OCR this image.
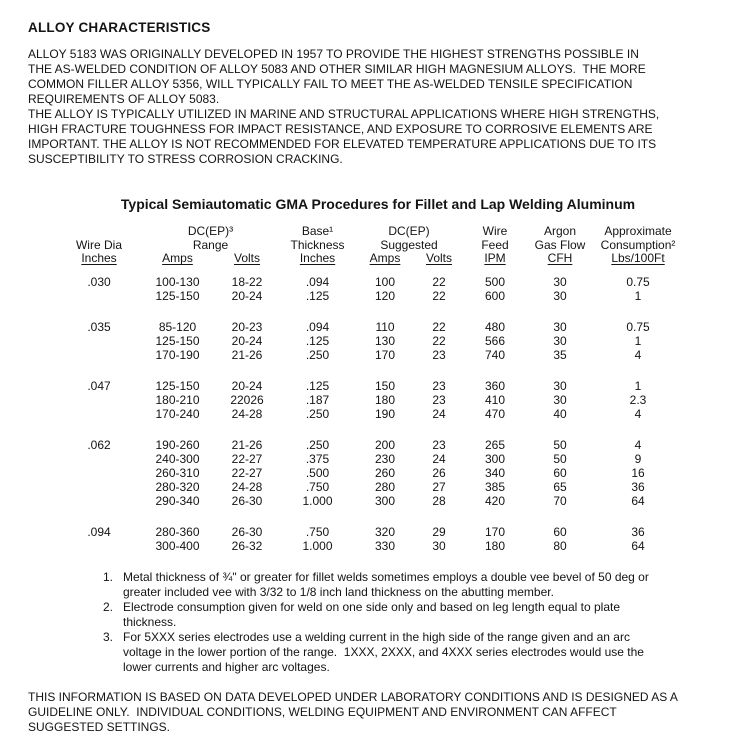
ALLOY CHARACTERISTICS
ALLOY 5183 WAS ORIGINALLY DEVELOPED IN 1957 TO PROVIDE THE HIGHEST STRENGTHS POSSIBLE IN
THE AS-WELDED CONDITION OF ALLOY 5083 AND OTHER SIMILAR HIGH MAGNESIUM ALLOYS.  THE MORE
COMMON FILLER ALLOY 5356, WILL TYPICALLY FAIL TO MEET THE AS-WELDED TENSILE SPECIFICATION
REQUIREMENTS OF ALLOY 5083.
THE ALLOY IS TYPICALLY UTILIZED IN MARINE AND STRUCTURAL APPLICATIONS WHERE HIGH STRENGTHS,
HIGH FRACTURE TOUGHNESS FOR IMPACT RESISTANCE, AND EXPOSURE TO CORROSIVE ELEMENTS ARE
IMPORTANT. THE ALLOY IS NOT RECOMMENDED FOR ELEVATED TEMPERATURE APPLICATIONS DUE TO ITS
SUSCEPTIBILITY TO STRESS CORROSION CRACKING.
Typical Semiautomatic GMA Procedures for Fillet and Lap Welding Aluminum
	DC(EP)³		Base¹	DC(EP)		Wire	Argon	Approximate
Wire Dia	Range		Thickness	Suggested		Feed	Gas Flow	Consumption²
Inches	Amps	Volts	Inches	Amps	Volts	IPM	CFH	Lbs/100Ft

.030	100-130	18-22	.094	100	22	500	30	0.75
	125-150	20-24	.125	120	22	600	30	1

.035	85-120	20-23	.094	110	22	480	30	0.75
	125-150	20-24	.125	130	22	566	30	1
	170-190	21-26	.250	170	23	740	35	4

.047	125-150	20-24	.125	150	23	360	30	1
	180-210	22026	.187	180	23	410	30	2.3
	170-240	24-28	.250	190	24	470	40	4

.062	190-260	21-26	.250	200	23	265	50	4
	240-300	22-27	.375	230	24	300	50	9
	260-310	22-27	.500	260	26	340	60	16
	280-320	24-28	.750	280	27	385	65	36
	290-340	26-30	1.000	300	28	420	70	64

.094	280-360	26-30	.750	320	29	170	60	36
	300-400	26-32	1.000	330	30	180	80	64
1. Metal thickness of ¾" or greater for fillet welds sometimes employs a double vee bevel of 50 deg or
greater included vee with 3/32 to 1/8 inch land thickness on the abutting member.
2. Electrode consumption given for weld on one side only and based on leg length equal to plate
thickness.
3. For 5XXX series electrodes use a welding current in the high side of the range given and an arc
voltage in the lower portion of the range.  1XXX, 2XXX, and 4XXX series electrodes would use the
lower currents and higher arc voltages.
THIS INFORMATION IS BASED ON DATA DEVELOPED UNDER LABORATORY CONDITIONS AND IS DESIGNED AS A
GUIDELINE ONLY.  INDIVIDUAL CONDITIONS, WELDING EQUIPMENT AND ENVIRONMENT CAN AFFECT
SUGGESTED SETTINGS.
